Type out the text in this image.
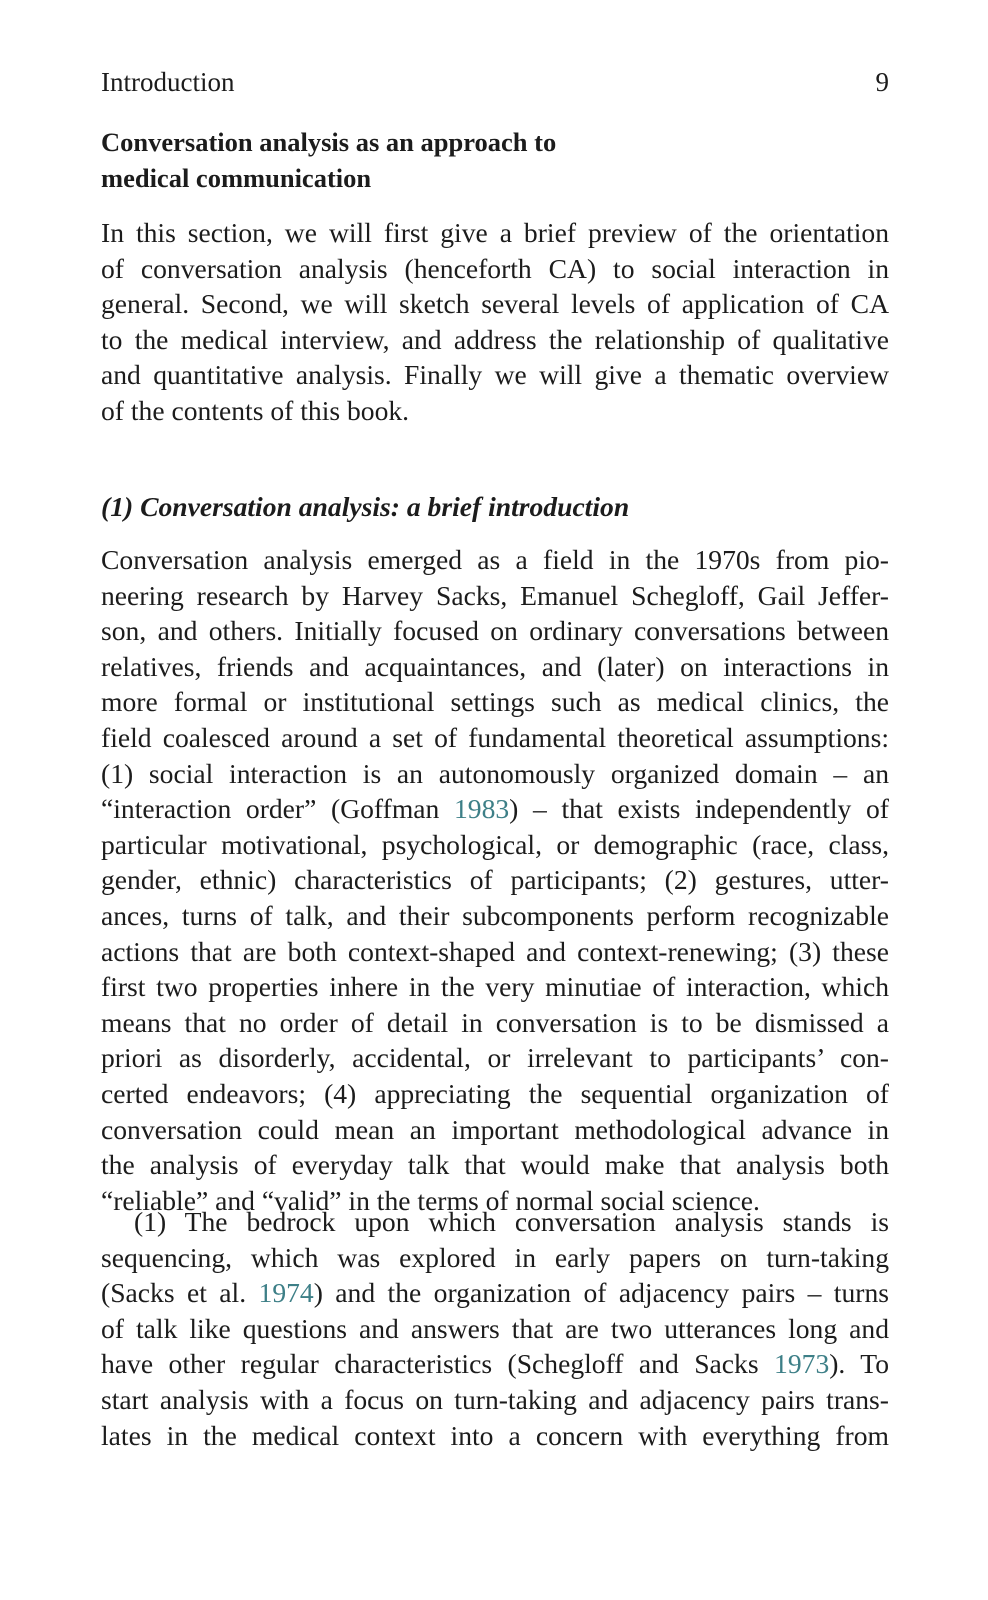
Introduction	9
Conversation analysis as an approach to
medical communication

In this section, we will first give a brief preview of the orientation
of conversation analysis (henceforth CA) to social interaction in
general. Second, we will sketch several levels of application of CA
to the medical interview, and address the relationship of qualitative
and quantitative analysis. Finally we will give a thematic overview
of the contents of this book.

(1) Conversation analysis: a brief introduction

Conversation analysis emerged as a field in the 1970s from pio-
neering research by Harvey Sacks, Emanuel Schegloff, Gail Jeffer-
son, and others. Initially focused on ordinary conversations between
relatives, friends and acquaintances, and (later) on interactions in
more formal or institutional settings such as medical clinics, the
field coalesced around a set of fundamental theoretical assumptions:
(1) social interaction is an autonomously organized domain – an
“interaction order” (Goffman 1983) – that exists independently of
particular motivational, psychological, or demographic (race, class,
gender, ethnic) characteristics of participants; (2) gestures, utter-
ances, turns of talk, and their subcomponents perform recognizable
actions that are both context-shaped and context-renewing; (3) these
first two properties inhere in the very minutiae of interaction, which
means that no order of detail in conversation is to be dismissed a
priori as disorderly, accidental, or irrelevant to participants’ con-
certed endeavors; (4) appreciating the sequential organization of
conversation could mean an important methodological advance in
the analysis of everyday talk that would make that analysis both
“reliable” and “valid” in the terms of normal social science.

(1) The bedrock upon which conversation analysis stands is
sequencing, which was explored in early papers on turn-taking
(Sacks et al. 1974) and the organization of adjacency pairs – turns
of talk like questions and answers that are two utterances long and
have other regular characteristics (Schegloff and Sacks 1973). To
start analysis with a focus on turn-taking and adjacency pairs trans-
lates in the medical context into a concern with everything from
